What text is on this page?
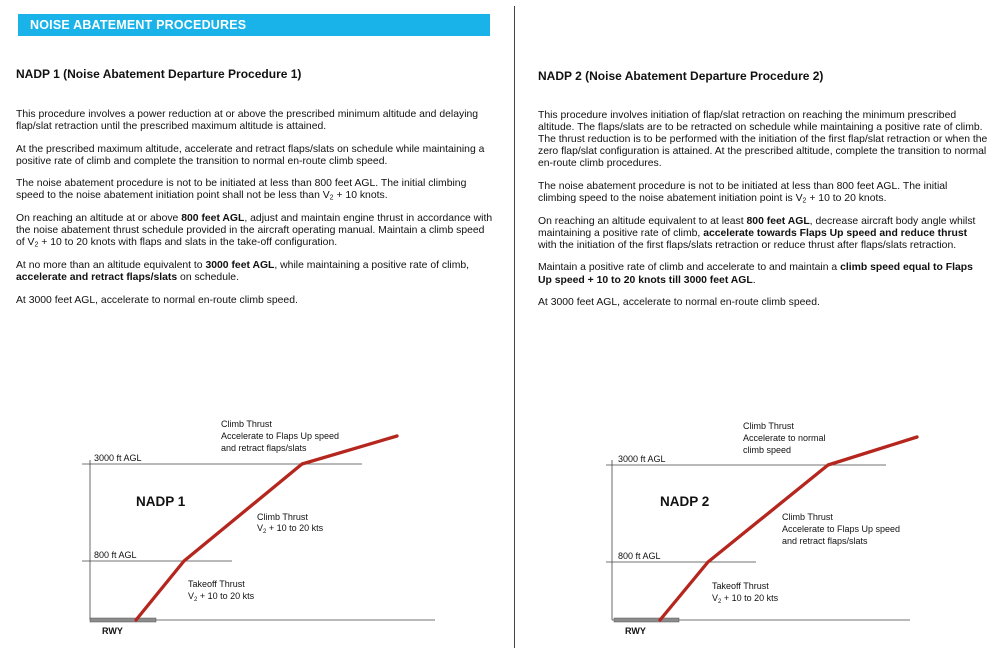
NOISE ABATEMENT PROCEDURES
NADP 1 (Noise Abatement Departure Procedure 1)

This procedure involves a power reduction at or above the prescribed minimum altitude and delaying flap/slat retraction until the prescribed maximum altitude is attained.

At the prescribed maximum altitude, accelerate and retract flaps/slats on schedule while maintaining a positive rate of climb and complete the transition to normal en-route climb speed.

The noise abatement procedure is not to be initiated at less than 800 feet AGL. The initial climbing speed to the noise abatement initiation point shall not be less than $V_2 + 10$ knots.

On reaching an altitude at or above 800 feet AGL, adjust and maintain engine thrust in accordance with the noise abatement thrust schedule provided in the aircraft operating manual. Maintain a climb speed of $V_2 + 10$ to 20 knots with flaps and slats in the take-off configuration.

At no more than an altitude equivalent to 3000 feet AGL, while maintaining a positive rate of climb, accelerate and retract flaps/slats on schedule.

At 3000 feet AGL, accelerate to normal en-route climb speed.

NADP 2 (Noise Abatement Departure Procedure 2)

This procedure involves initiation of flap/slat retraction on reaching the minimum prescribed altitude. The flaps/slats are to be retracted on schedule while maintaining a positive rate of climb. The thrust reduction is to be performed with the initiation of the first flap/slat retraction or when the zero flap/slat configuration is attained. At the prescribed altitude, complete the transition to normal en-route climb procedures.

The noise abatement procedure is not to be initiated at less than 800 feet AGL. The initial climbing speed to the noise abatement initiation point is $V_2 + 10$ to 20 knots.

On reaching an altitude equivalent to at least 800 feet AGL, decrease aircraft body angle whilst maintaining a positive rate of climb, accelerate towards Flaps Up speed and reduce thrust with the initiation of the first flaps/slats retraction or reduce thrust after flaps/slats retraction.

Maintain a positive rate of climb and accelerate to and maintain a climb speed equal to Flaps Up speed + 10 to 20 knots till 3000 feet AGL.

At 3000 feet AGL, accelerate to normal en-route climb speed.

3000 ft AGL
800 ft AGL
RWY
NADP 1
Takeoff Thrust
$V_2 + 10$ to 20 kts
Climb Thrust
$V_2 + 10$ to 20 kts
Climb Thrust
Accelerate to Flaps Up speed
and retract flaps/slats
3000 ft AGL
800 ft AGL
RWY
NADP 2
Takeoff Thrust
$V_2 + 10$ to 20 kts
Climb Thrust
Accelerate to Flaps Up speed
and retract flaps/slats
Climb Thrust
Accelerate to normal
climb speed
